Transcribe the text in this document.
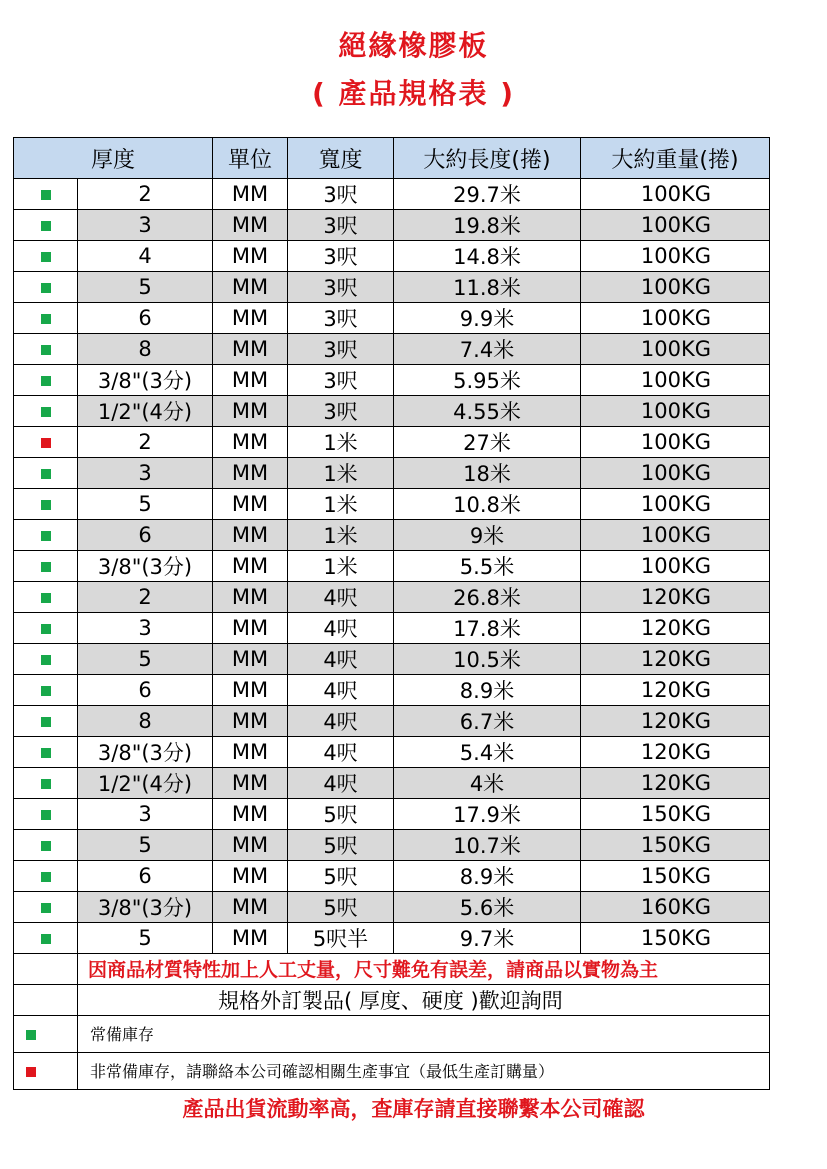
絕緣橡膠板
( 產品規格表 )
厚度		單位	寬度	大約長度(捲)	大約重量(捲)
	2	MM	3呎	29.7米	100KG
	3	MM	3呎	19.8米	100KG
	4	MM	3呎	14.8米	100KG
	5	MM	3呎	11.8米	100KG
	6	MM	3呎	9.9米	100KG
	8	MM	3呎	7.4米	100KG
	3/8"(3分)	MM	3呎	5.95米	100KG
	1/2"(4分)	MM	3呎	4.55米	100KG
	2	MM	1米	27米	100KG
	3	MM	1米	18米	100KG
	5	MM	1米	10.8米	100KG
	6	MM	1米	9米	100KG
	3/8"(3分)	MM	1米	5.5米	100KG
	2	MM	4呎	26.8米	120KG
	3	MM	4呎	17.8米	120KG
	5	MM	4呎	10.5米	120KG
	6	MM	4呎	8.9米	120KG
	8	MM	4呎	6.7米	120KG
	3/8"(3分)	MM	4呎	5.4米	120KG
	1/2"(4分)	MM	4呎	4米	120KG
	3	MM	5呎	17.9米	150KG
	5	MM	5呎	10.7米	150KG
	6	MM	5呎	8.9米	150KG
	3/8"(3分)	MM	5呎	5.6米	160KG
	5	MM	5呎半	9.7米	150KG
	因商品材質特性加上人工丈量，尺寸難免有誤差，請商品以實物為主				
	規格外訂製品( 厚度、硬度 )歡迎詢問				
	常備庫存				
	非常備庫存，請聯絡本公司確認相關生產事宜（最低生產訂購量）				
產品出貨流動率高，查庫存請直接聯繫本公司確認
